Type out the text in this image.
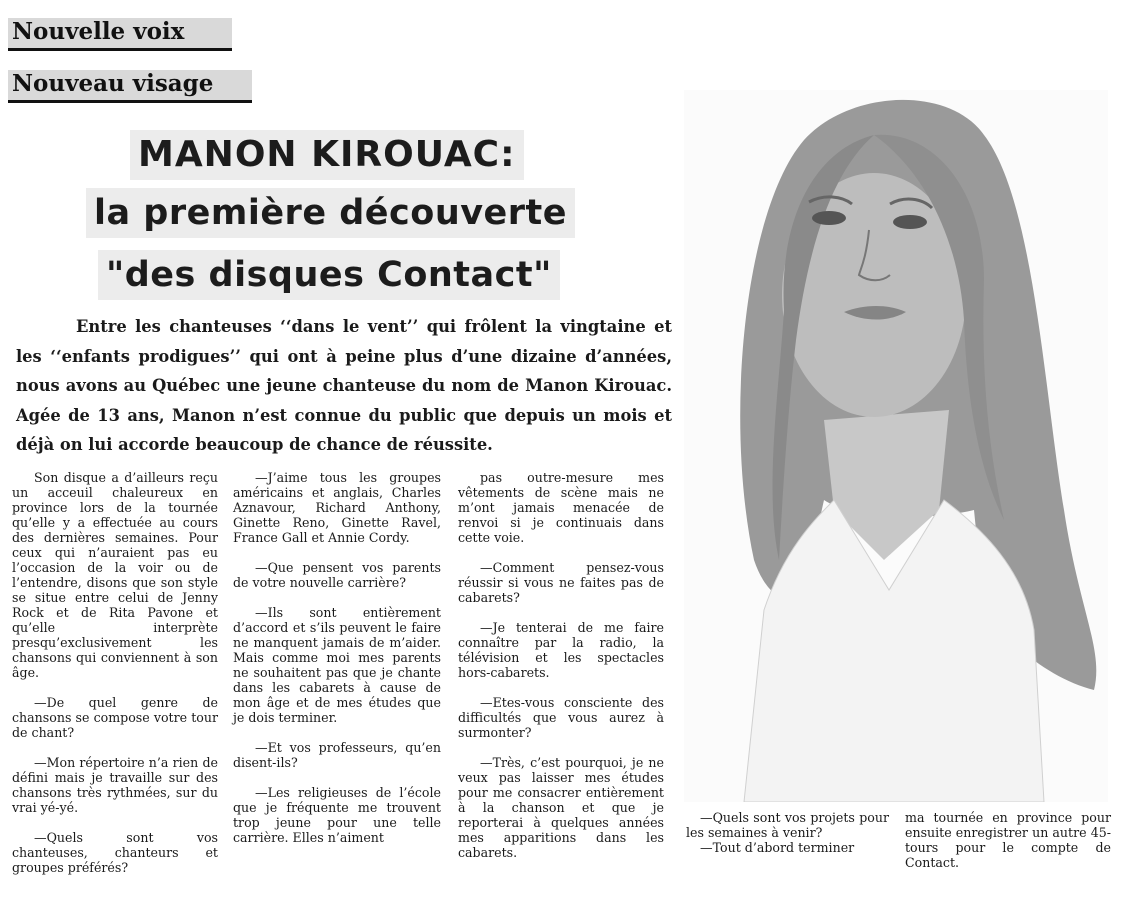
Nouvelle voix
Nouveau visage
MANON KIROUAC:
la première découverte
"des disques Contact"
Entre les chanteuses ‘‘dans le vent’’ qui frôlent la vingtaine et les ‘‘enfants prodigues’’ qui ont à peine plus d’une dizaine d’années, nous avons au Québec une jeune chanteuse du nom de Manon Kirouac. Agée de 13 ans, Manon n’est connue du public que depuis un mois et déjà on lui accorde beaucoup de chance de réussite.

Son disque a d’ailleurs reçu un acceuil chaleureux en province lors de la tournée qu’elle y a effectuée au cours des dernières semaines. Pour ceux qui n’auraient pas eu l’occasion de la voir ou de l’entendre, disons que son style se situe entre celui de Jenny Rock et de Rita Pavone et qu’elle interprète presqu’exclusivement les chansons qui conviennent à son âge.

—De quel genre de chansons se compose votre tour de chant?

—Mon répertoire n’a rien de défini mais je travaille sur des chansons très rythmées, sur du vrai yé-yé.

—Quels sont vos chanteuses, chanteurs et groupes préférés?

—J’aime tous les groupes américains et anglais, Charles Aznavour, Richard Anthony, Ginette Reno, Ginette Ravel, France Gall et Annie Cordy.

—Que pensent vos parents de votre nouvelle carrière?

—Ils sont entièrement d’accord et s’ils peuvent le faire ne manquent jamais de m’aider. Mais comme moi mes parents ne souhaitent pas que je chante dans les cabarets à cause de mon âge et de mes études que je dois terminer.

—Et vos professeurs, qu’en disent-ils?

—Les religieuses de l’école que je fréquente me trouvent trop jeune pour une telle carrière. Elles n’aiment

pas outre-mesure mes vêtements de scène mais ne m’ont jamais menacée de renvoi si je continuais dans cette voie.

—Comment pensez-vous réussir si vous ne faites pas de cabarets?

—Je tenterai de me faire connaître par la radio, la télévision et les spectacles hors-cabarets.

—Etes-vous consciente des difficultés que vous aurez à surmonter?

—Très, c’est pourquoi, je ne veux pas laisser mes études pour me consacrer entièrement à la chanson et que je reporterai à quelques années mes apparitions dans les cabarets.

—Quels sont vos projets pour les semaines à venir?

—Tout d’abord terminer

ma tournée en province pour ensuite enregistrer un autre 45-tours pour le compte de Contact.
